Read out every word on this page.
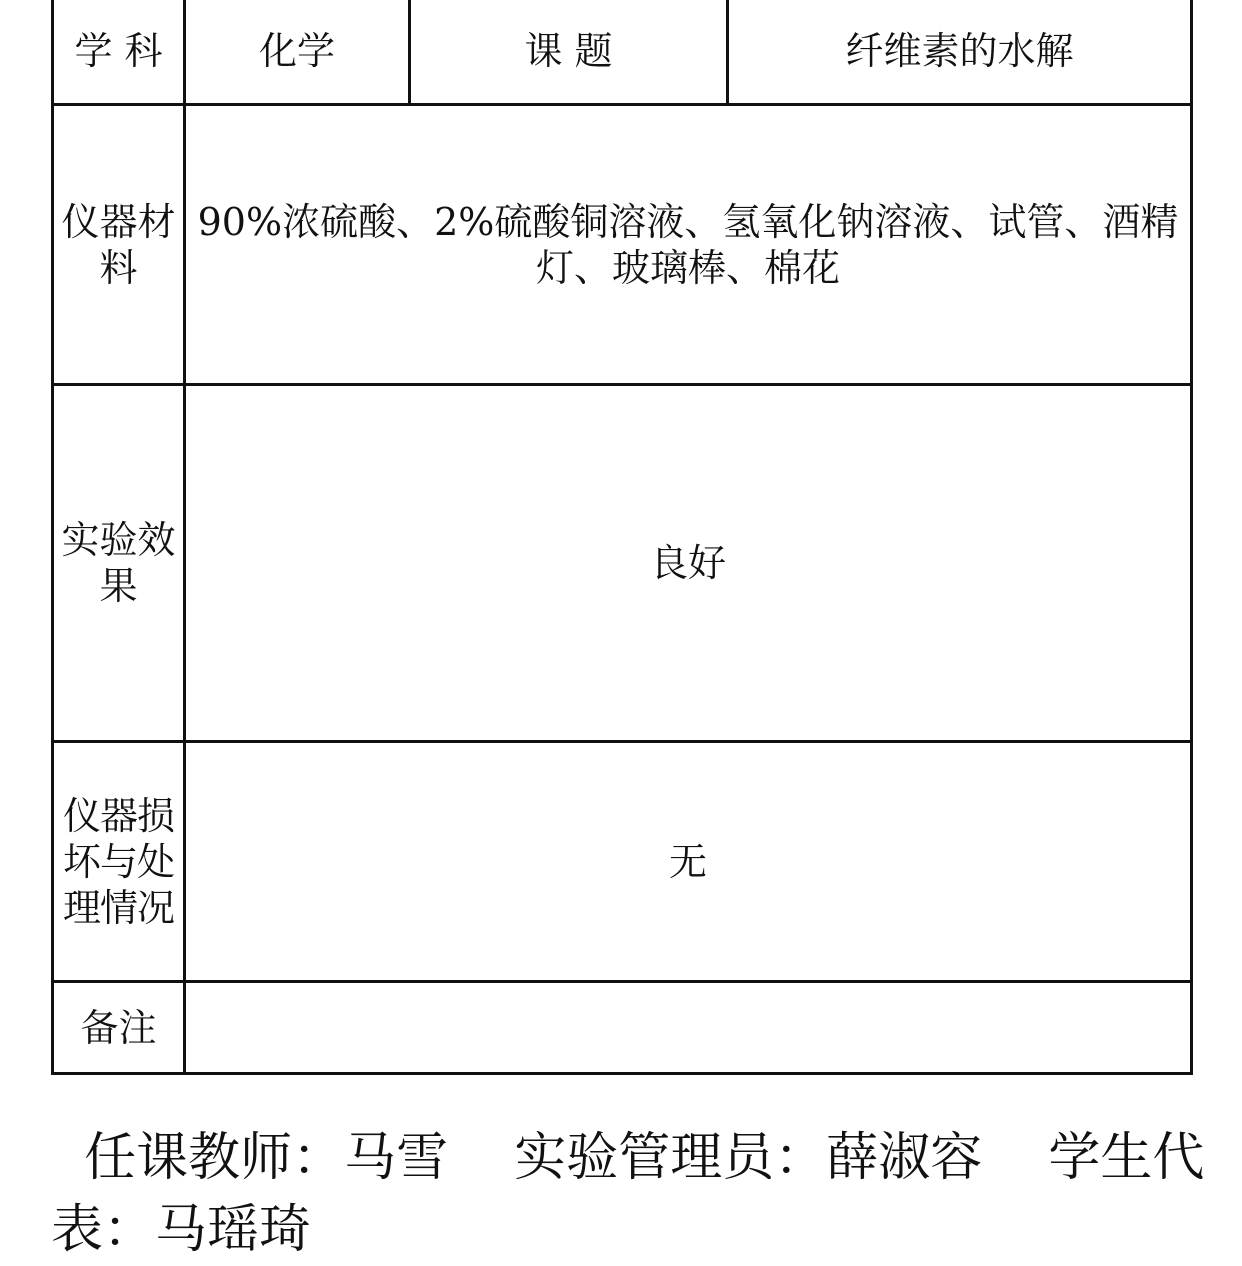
学 科	化学	课 题	纤维素的水解
仪器材料	90%浓硫酸、2%硫酸铜溶液、氢氧化钠溶液、试管、酒精灯、玻璃棒、棉花		
实验效果	良好		
仪器损坏与处理情况	无		
备注			
任课教师：马雪 实验管理员：薛淑容 学生代表：马瑶琦
